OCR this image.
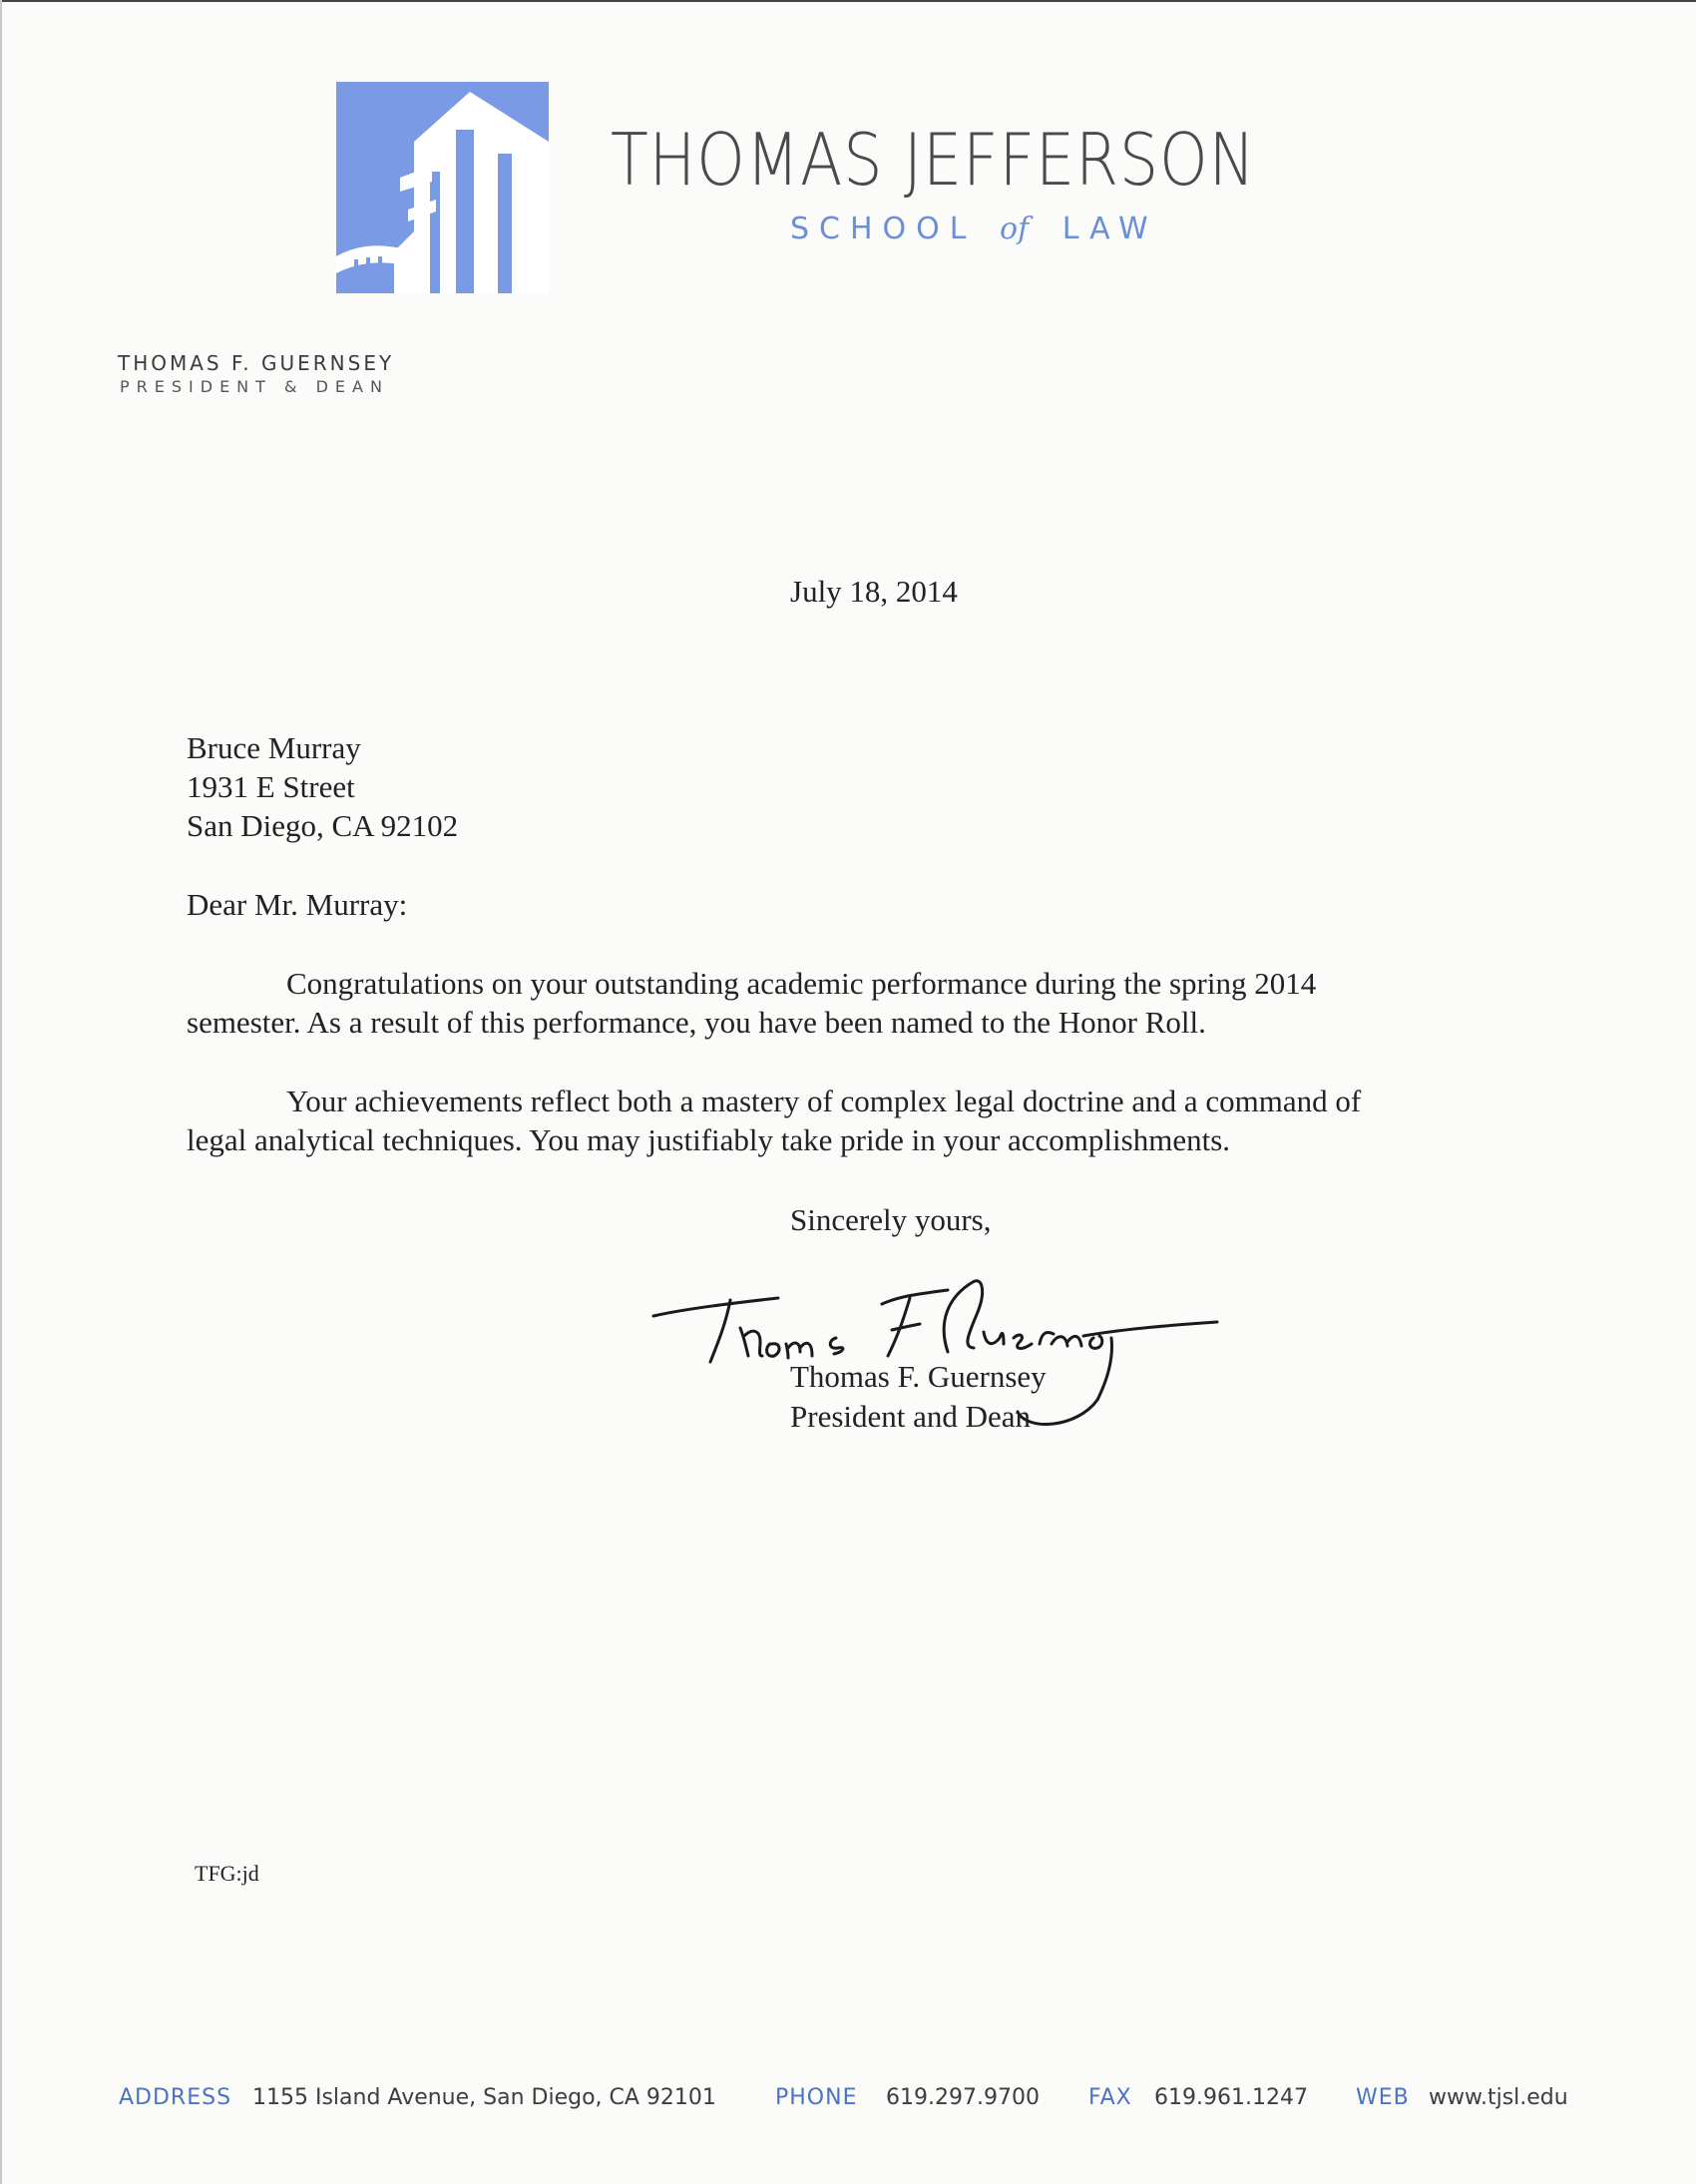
THOMAS JEFFERSON
SCHOOL of LAW
THOMAS F. GUERNSEY
PRESIDENT & DEAN
July 18, 2014
Bruce Murray
1931 E Street
San Diego, CA 92102
Dear Mr. Murray:
Congratulations on your outstanding academic performance during the spring 2014
semester. As a result of this performance, you have been named to the Honor Roll.
Your achievements reflect both a mastery of complex legal doctrine and a command of
legal analytical techniques. You may justifiably take pride in your accomplishments.
Sincerely yours,
Thomas F. Guernsey
President and Dean
TFG:jd
ADDRESS 1155 Island Avenue, San Diego, CA 92101	PHONE 619.297.9700 FAX 619.961.1247 WEB www.tjsl.edu
